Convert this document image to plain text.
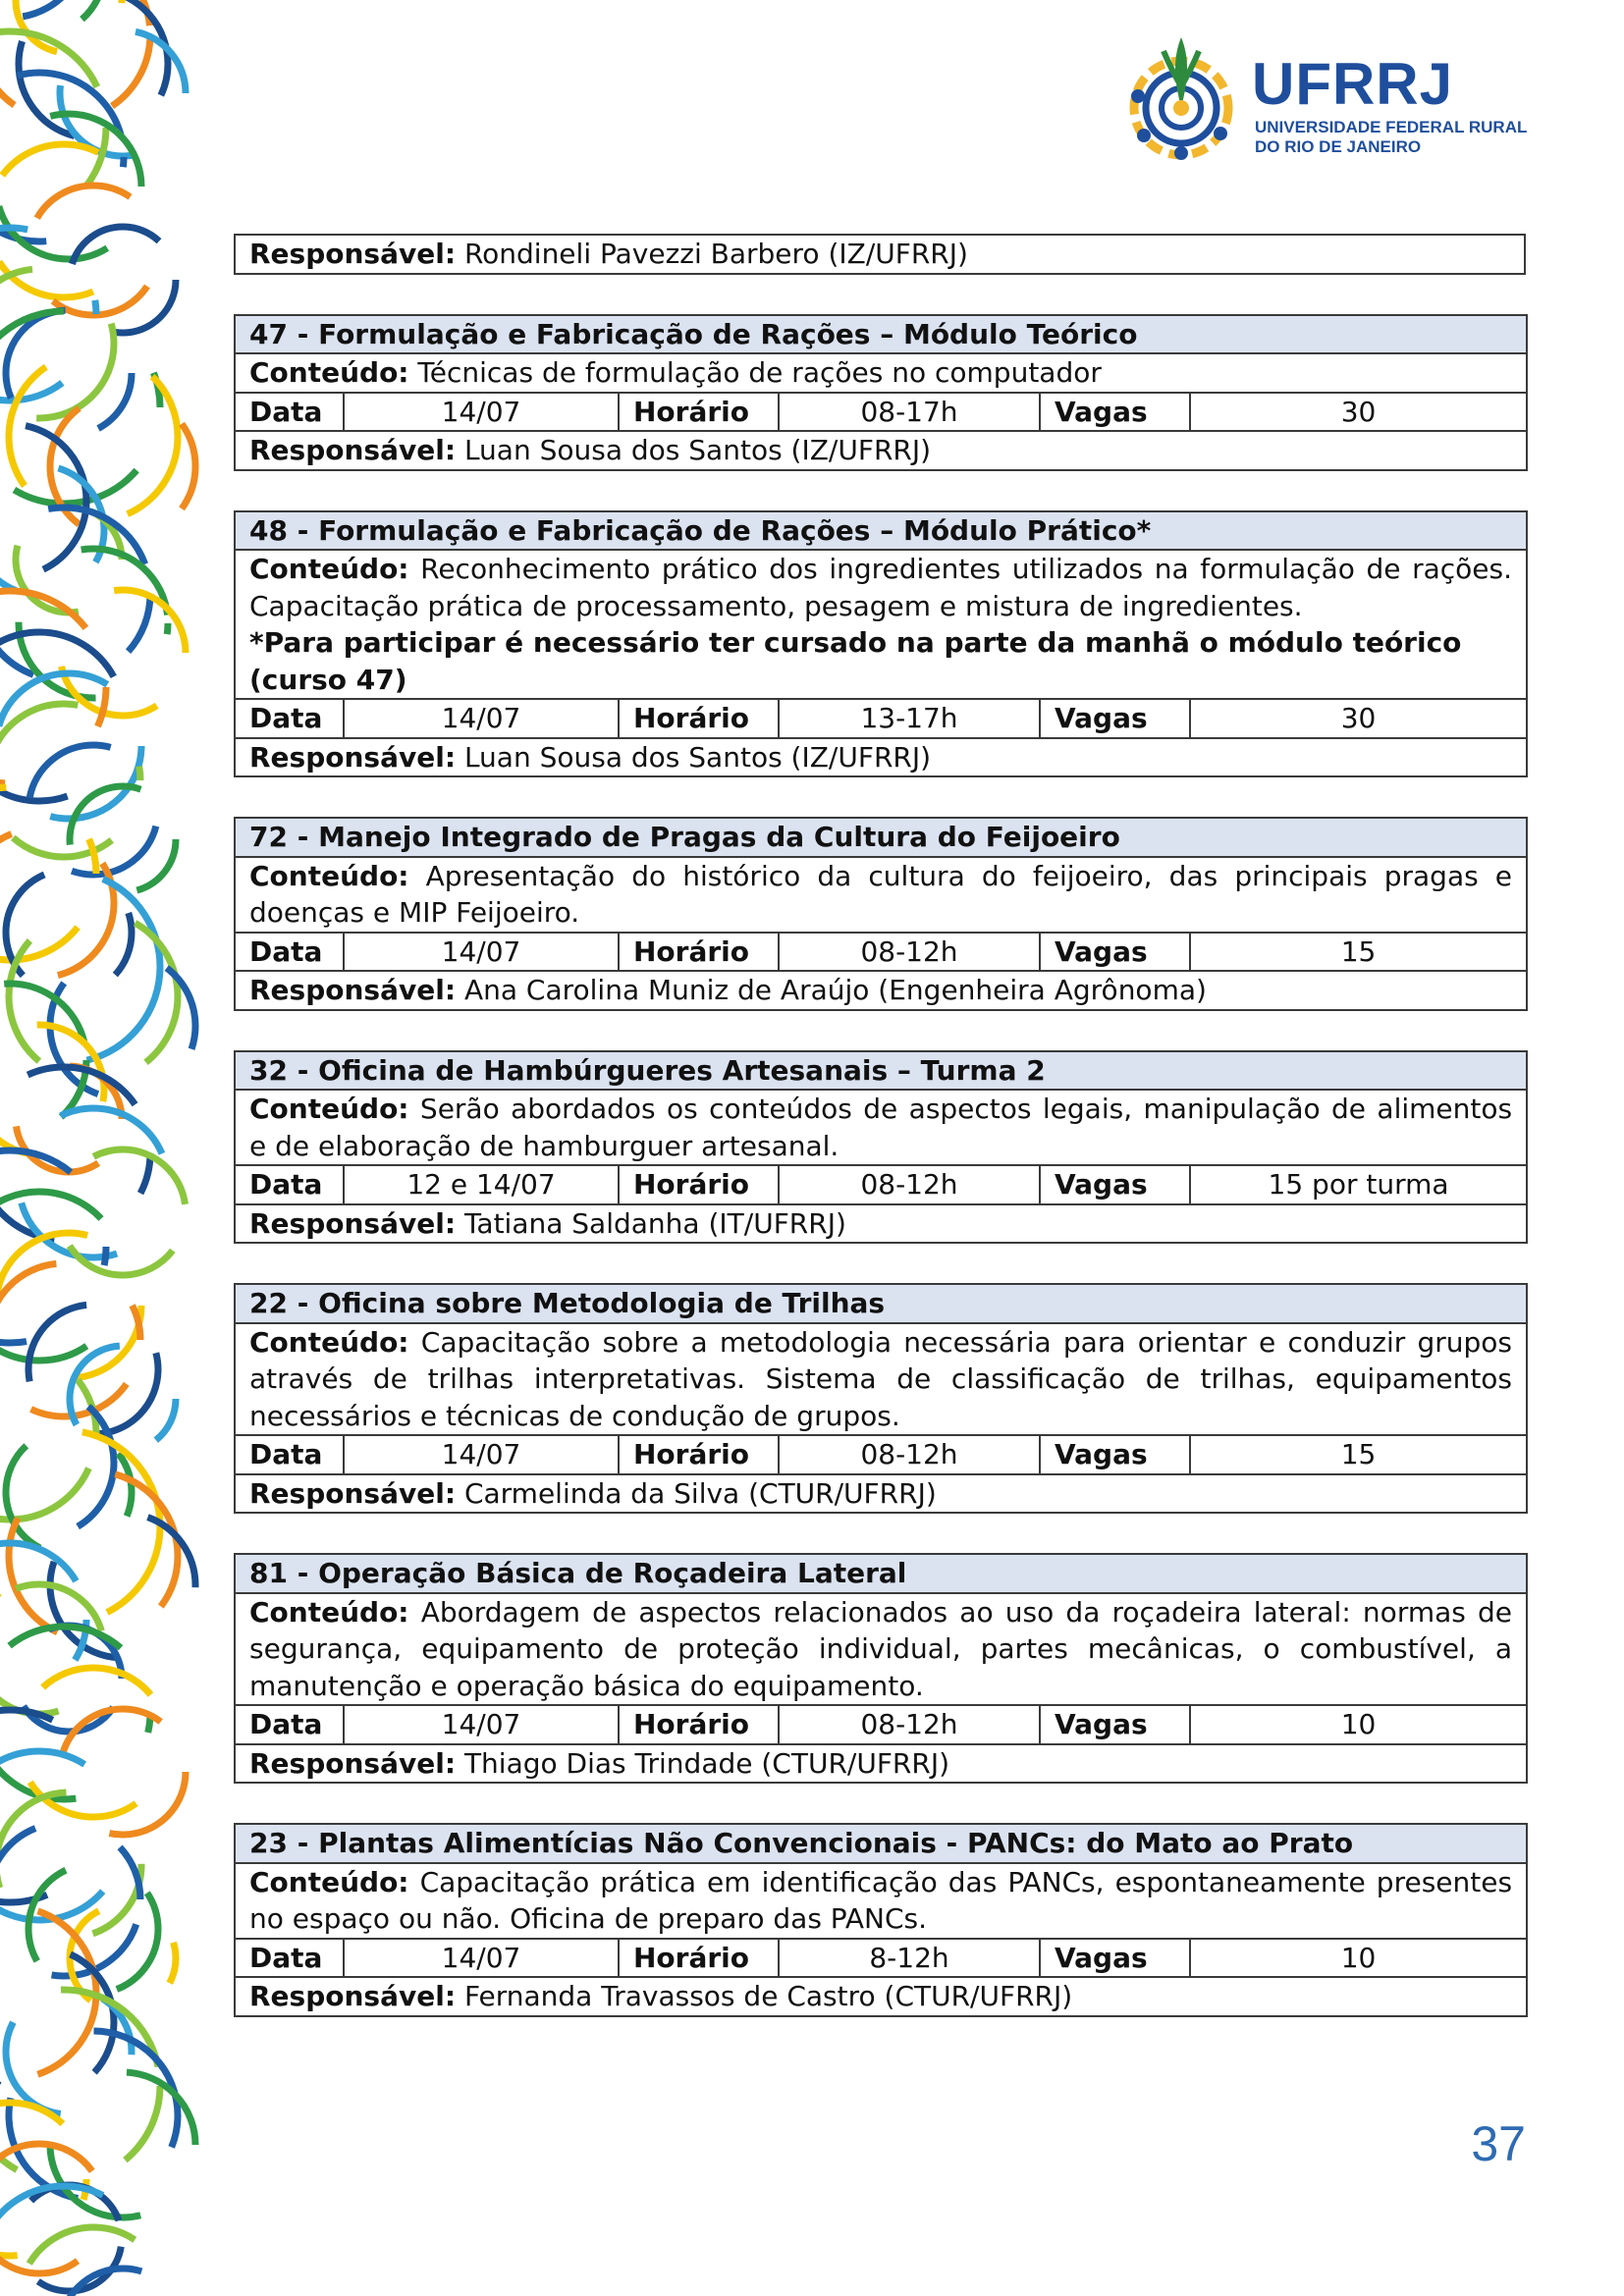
UFRRJ
UNIVERSIDADE FEDERAL RURAL
DO RIO DE JANEIRO
Responsável: Rondineli Pavezzi Barbero (IZ/UFRRJ)
47 - Formulação e Fabricação de Rações – Módulo Teórico
Conteúdo: Técnicas de formulação de rações no computador
Data	14/07	Horário	08-17h	Vagas	30
Responsável: Luan Sousa dos Santos (IZ/UFRRJ)
48 - Formulação e Fabricação de Rações – Módulo Prático*
Conteúdo: Reconhecimento prático dos ingredientes utilizados na formulação de rações. Capacitação prática de processamento, pesagem e mistura de ingredientes.
*Para participar é necessário ter cursado na parte da manhã o módulo teórico (curso 47)

Data	14/07	Horário	13-17h	Vagas	30
Responsável: Luan Sousa dos Santos (IZ/UFRRJ)
72 - Manejo Integrado de Pragas da Cultura do Feijoeiro
Conteúdo: Apresentação do histórico da cultura do feijoeiro, das principais pragas e doenças e MIP Feijoeiro.
Data	14/07	Horário	08-12h	Vagas	15
Responsável: Ana Carolina Muniz de Araújo (Engenheira Agrônoma)
32 - Oficina de Hambúrgueres Artesanais – Turma 2
Conteúdo: Serão abordados os conteúdos de aspectos legais, manipulação de alimentos e de elaboração de hamburguer artesanal.
Data	12 e 14/07	Horário	08-12h	Vagas	15 por turma
Responsável: Tatiana Saldanha (IT/UFRRJ)
22 - Oficina sobre Metodologia de Trilhas
Conteúdo: Capacitação sobre a metodologia necessária para orientar e conduzir grupos através de trilhas interpretativas. Sistema de classificação de trilhas, equipamentos necessários e técnicas de condução de grupos.
Data	14/07	Horário	08-12h	Vagas	15
Responsável: Carmelinda da Silva (CTUR/UFRRJ)
81 - Operação Básica de Roçadeira Lateral
Conteúdo: Abordagem de aspectos relacionados ao uso da roçadeira lateral: normas de segurança, equipamento de proteção individual, partes mecânicas, o combustível, a manutenção e operação básica do equipamento.
Data	14/07	Horário	08-12h	Vagas	10
Responsável: Thiago Dias Trindade (CTUR/UFRRJ)
23 - Plantas Alimentícias Não Convencionais - PANCs: do Mato ao Prato
Conteúdo: Capacitação prática em identificação das PANCs, espontaneamente presentes no espaço ou não. Oficina de preparo das PANCs.
Data	14/07	Horário	8-12h	Vagas	10
Responsável: Fernanda Travassos de Castro (CTUR/UFRRJ)
37
